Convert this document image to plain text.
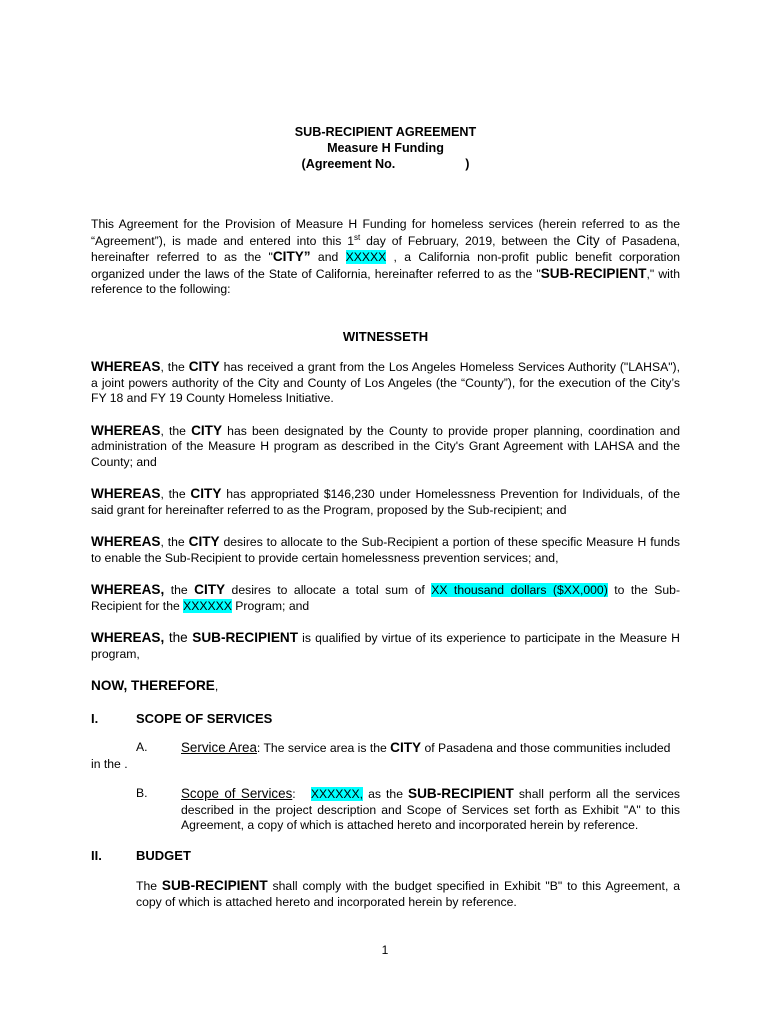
SUB-RECIPIENT AGREEMENT
Measure H Funding
(Agreement No.                    )

This Agreement for the Provision of Measure H Funding for homeless services (herein referred to as the “Agreement”), is made and entered into this 1st day of February, 2019, between the City of Pasadena, hereinafter referred to as the "CITY” and XXXXX , a California non-profit public benefit corporation organized under the laws of the State of California, hereinafter referred to as the "SUB-RECIPIENT," with reference to the following:

WITNESSETH

WHEREAS, the CITY has received a grant from the Los Angeles Homeless Services Authority ("LAHSA"), a joint powers authority of the City and County of Los Angeles (the “County”), for the execution of the City’s FY 18 and FY 19 County Homeless Initiative.

WHEREAS, the CITY has been designated by the County to provide proper planning, coordination and administration of the Measure H program as described in the City's Grant Agreement with LAHSA and the County; and

WHEREAS, the CITY has appropriated $146,230 under Homelessness Prevention for Individuals, of the said grant for hereinafter referred to as the Program, proposed by the Sub-recipient; and

WHEREAS, the CITY desires to allocate to the Sub-Recipient a portion of these specific Measure H funds to enable the Sub-Recipient to provide certain homelessness prevention services; and,

WHEREAS, the CITY desires to allocate a total sum of XX thousand dollars ($XX,000) to the Sub-Recipient for the XXXXXX Program; and

WHEREAS, the SUB-RECIPIENT is qualified by virtue of its experience to participate in the Measure H program,

NOW, THEREFORE,

I.	SCOPE OF SERVICES
A.	Service Area: The service area is the CITY of Pasadena and those communities included

in the .

B.	Scope of Services: XXXXXX, as the SUB-RECIPIENT shall perform all the services described in the project description and Scope of Services set forth as Exhibit "A" to this Agreement, a copy of which is attached hereto and incorporated herein by reference.
II.	BUDGET

The SUB-RECIPIENT shall comply with the budget specified in Exhibit "B" to this Agreement, a copy of which is attached hereto and incorporated herein by reference.

1
